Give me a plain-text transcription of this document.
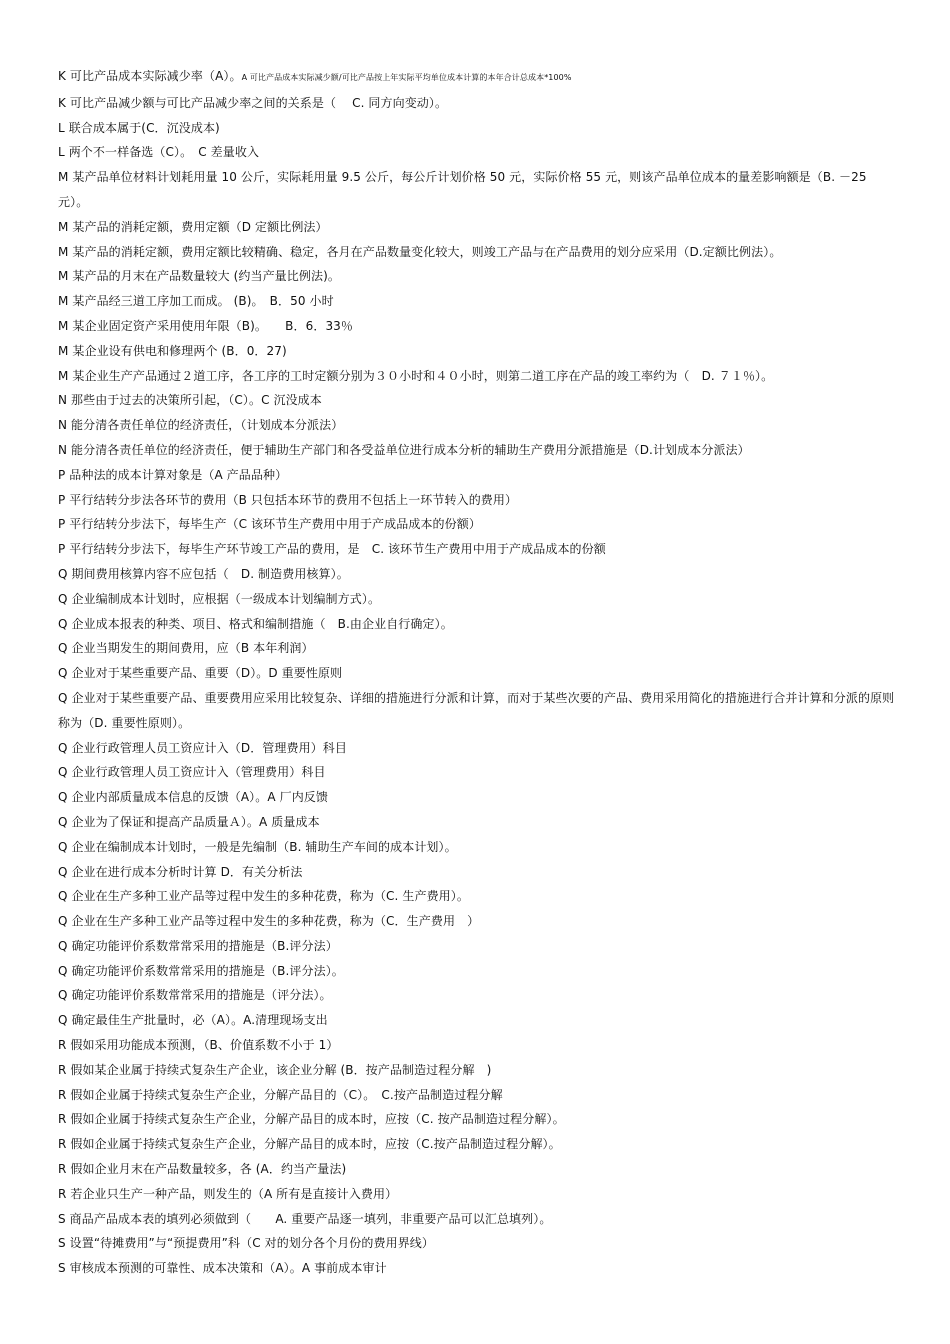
K 可比产品成本实际减少率（A）。A 可比产品成本实际减少额/可比产品按上年实际平均单位成本计算的本年合计总成本*100%
K 可比产品减少额与可比产品减少率之间的关系是（　 C. 同方向变动）。
L 联合成本属于(C．沉没成本)
L 两个不一样备选（C）。　C 差量收入
M 某产品单位材料计划耗用量 10 公斤，实际耗用量 9.5 公斤，每公斤计划价格 50 元，实际价格 55 元，则该产品单位成本的量差影响额是（B. －25 元）。
M 某产品的消耗定额，费用定额（D 定额比例法）
M 某产品的消耗定额，费用定额比较精确、稳定，各月在产品数量变化较大，则竣工产品与在产品费用的划分应采用（D.定额比例法）。
M 某产品的月末在产品数量较大 (约当产量比例法)。
M 某产品经三道工序加工而成。 (B)。　B．50 小时
M 某企业固定资产采用使用年限（B)。　　B．6．33％
M 某企业设有供电和修理两个 (B．0．27)
M 某企业生产产品通过２道工序，各工序的工时定额分别为３０小时和４０小时，则第二道工序在产品的竣工率约为（　D. ７１％）。
N 那些由于过去的决策所引起，（C）。C 沉没成本
N 能分清各责任单位的经济责任，（计划成本分派法）
N 能分清各责任单位的经济责任，便于辅助生产部门和各受益单位进行成本分析的辅助生产费用分派措施是（D.计划成本分派法）
P 品种法的成本计算对象是（A 产品品种）
P 平行结转分步法各环节的费用（B 只包括本环节的费用不包括上一环节转入的费用）
P 平行结转分步法下，每毕生产（C 该环节生产费用中用于产成品成本的份额）
P 平行结转分步法下，每毕生产环节竣工产品的费用，是　C. 该环节生产费用中用于产成品成本的份额
Q 期间费用核算内容不应包括（　D. 制造费用核算）。
Q 企业编制成本计划时，应根据（一级成本计划编制方式）。
Q 企业成本报表的种类、项目、格式和编制措施（　B.由企业自行确定）。
Q 企业当期发生的期间费用，应（B 本年利润）
Q 企业对于某些重要产品、重要（D）。D 重要性原则
Q 企业对于某些重要产品、重要费用应采用比较复杂、详细的措施进行分派和计算，而对于某些次要的产品、费用采用简化的措施进行合并计算和分派的原则称为（D. 重要性原则）。
Q 企业行政管理人员工资应计入（D．管理费用）科目
Q 企业行政管理人员工资应计入（管理费用）科目
Q 企业内部质量成本信息的反馈（A）。A 厂内反馈
Q 企业为了保证和提高产品质量Ａ）。A 质量成本
Q 企业在编制成本计划时，一般是先编制（B. 辅助生产车间的成本计划）。
Q 企业在进行成本分析时计算 D．有关分析法
Q 企业在生产多种工业产品等过程中发生的多种花费，称为（C. 生产费用）。
Q 企业在生产多种工业产品等过程中发生的多种花费，称为（C．生产费用　）
Q 确定功能评价系数常常采用的措施是（B.评分法）
Q 确定功能评价系数常常采用的措施是（B.评分法）。
Q 确定功能评价系数常常采用的措施是（评分法）。
Q 确定最佳生产批量时，必（A）。A.清理现场支出
R 假如采用功能成本预测，（B、价值系数不小于 1）
R 假如某企业属于持续式复杂生产企业，该企业分解 (B．按产品制造过程分解　)
R 假如企业属于持续式复杂生产企业，分解产品目的（C）。　C.按产品制造过程分解
R 假如企业属于持续式复杂生产企业，分解产品目的成本时，应按（C. 按产品制造过程分解）。
R 假如企业属于持续式复杂生产企业，分解产品目的成本时，应按（C.按产品制造过程分解）。
R 假如企业月末在产品数量较多，各 (A．约当产量法)
R 若企业只生产一种产品，则发生的（A 所有是直接计入费用）
S 商品产品成本表的填列必须做到（　　A. 重要产品逐一填列，非重要产品可以汇总填列）。
S 设置“待摊费用”与“预提费用”科（C 对的划分各个月份的费用界线）
S 审核成本预测的可靠性、成本决策和（A）。A 事前成本审计
